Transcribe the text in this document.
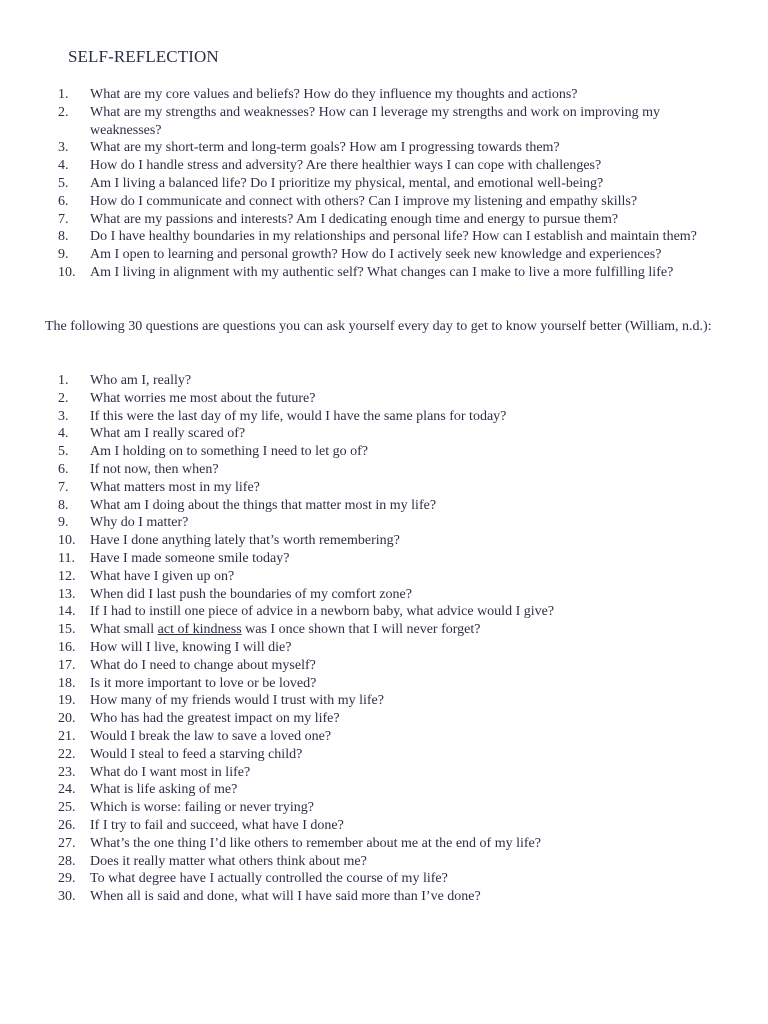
SELF-REFLECTION
1.	What are my core values and beliefs? How do they influence my thoughts and actions?
2.	What are my strengths and weaknesses? How can I leverage my strengths and work on improving my weaknesses?
3.	What are my short-term and long-term goals? How am I progressing towards them?
4.	How do I handle stress and adversity? Are there healthier ways I can cope with challenges?
5.	Am I living a balanced life? Do I prioritize my physical, mental, and emotional well-being?
6.	How do I communicate and connect with others? Can I improve my listening and empathy skills?
7.	What are my passions and interests? Am I dedicating enough time and energy to pursue them?
8.	Do I have healthy boundaries in my relationships and personal life? How can I establish and maintain them?
9.	Am I open to learning and personal growth? How do I actively seek new knowledge and experiences?
10.	Am I living in alignment with my authentic self? What changes can I make to live a more fulfilling life?
The following 30 questions are questions you can ask yourself every day to get to know yourself better (William, n.d.):
1.	Who am I, really?
2.	What worries me most about the future?
3.	If this were the last day of my life, would I have the same plans for today?
4.	What am I really scared of?
5.	Am I holding on to something I need to let go of?
6.	If not now, then when?
7.	What matters most in my life?
8.	What am I doing about the things that matter most in my life?
9.	Why do I matter?
10.	Have I done anything lately that’s worth remembering?
11.	Have I made someone smile today?
12.	What have I given up on?
13.	When did I last push the boundaries of my comfort zone?
14.	If I had to instill one piece of advice in a newborn baby, what advice would I give?
15.	What small act of kindness was I once shown that I will never forget?
16.	How will I live, knowing I will die?
17.	What do I need to change about myself?
18.	Is it more important to love or be loved?
19.	How many of my friends would I trust with my life?
20.	Who has had the greatest impact on my life?
21.	Would I break the law to save a loved one?
22.	Would I steal to feed a starving child?
23.	What do I want most in life?
24.	What is life asking of me?
25.	Which is worse: failing or never trying?
26.	If I try to fail and succeed, what have I done?
27.	What’s the one thing I’d like others to remember about me at the end of my life?
28.	Does it really matter what others think about me?
29.	To what degree have I actually controlled the course of my life?
30.	When all is said and done, what will I have said more than I’ve done?
